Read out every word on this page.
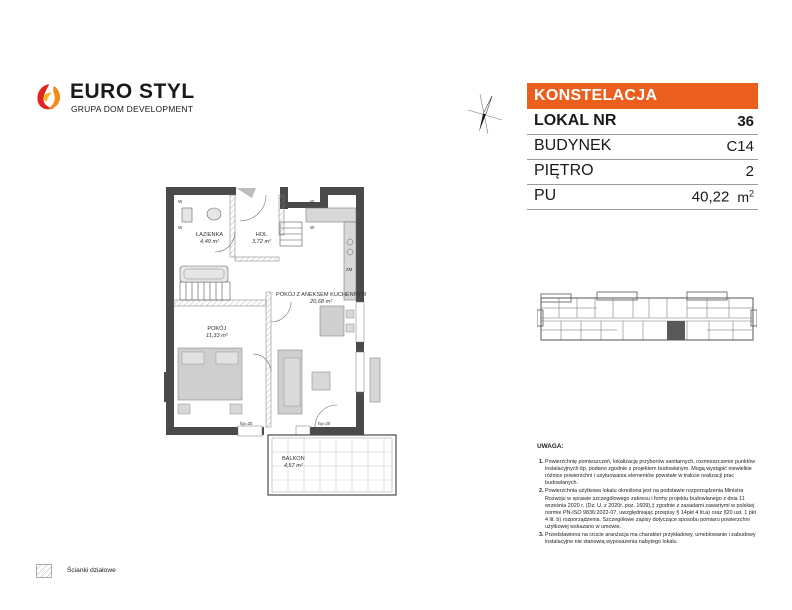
EURO STYL
GRUPA DOM DEVELOPMENT
KONSTELACJA
LOKAL NR	36
BUDYNEK	C14
PIĘTRO	2
PU	40,22 $m^2$
UWAGA:
1. Powierzchnię pomieszczeń, lokalizację przyborów sanitarnych, rozmieszczenie punktów instalacyjnych itp. podano zgodnie z projektem budowlanym. Mogą wystąpić niewielkie różnice powierzchni i usytuowania elementów powstałe w trakcie realizacji prac budowlanych.
2. Powierzchnia użytkowa lokalu określona jest na podstawie rozporządzenia Ministra Rozwoju w sprawie szczegółowego zakresu i formy projektu budowlanego z dnia 11 września 2020 r. (Dz. U. z 2020r. poz. 1609),‡ zgodnie z zasadami zawartymi w polskiej normie PN-ISO 9836:2022-07, uwzględniając przepisy § 14pkt 4 lit.a) oraz §20 ust. 1 pkt 4 lit. b) rozporządzenia. Szczegółowe zapisy dotyczące sposobu pomiaru powierzchni użytkowej wskazano w umowie.
3. Przedstawiona na rzucie aranżacja ma charakter przykładowy, umeblowanie i zabudowy instalacyjne nie stanowią wyposażenia nabytego lokalu.
Ścianki działowe
ŁAZIENKA
4,49 m²
HOL
3,72 m²
POKÓJ Z ANEKSEM KUCHENNYM
20,68 m²
POKÓJ
11,33 m²
BALKON
4,57 m²
hp=20	hp=20
W
W
W
W
ZM
